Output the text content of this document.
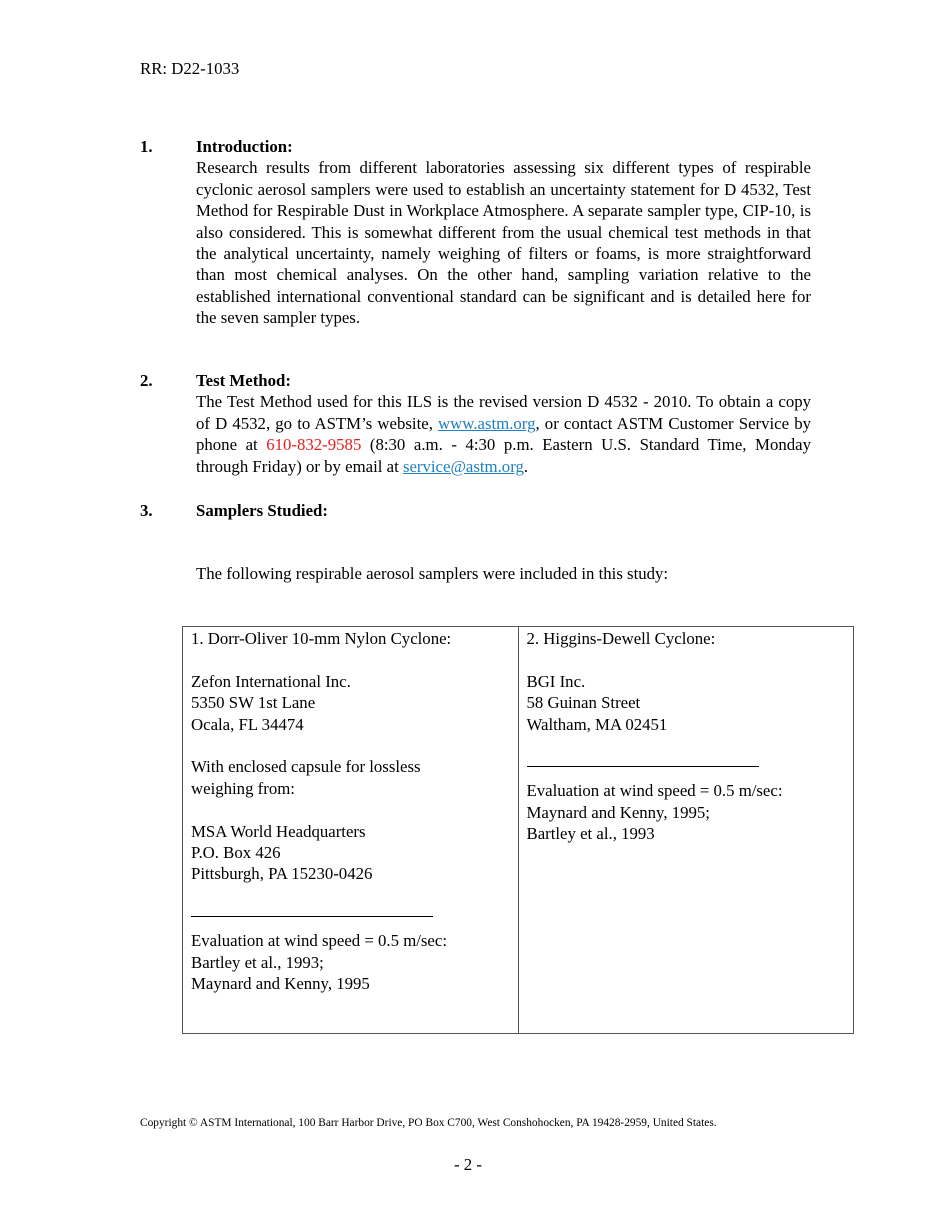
RR: D22-1033
1.	Introduction:
Research results from different laboratories assessing six different types of respirable cyclonic aerosol samplers were used to establish an uncertainty statement for D 4532, Test Method for Respirable Dust in Workplace Atmosphere. A separate sampler type, CIP-10, is also considered. This is somewhat different from the usual chemical test methods in that the analytical uncertainty, namely weighing of filters or foams, is more straightforward than most chemical analyses. On the other hand, sampling variation relative to the established international conventional standard can be significant and is detailed here for the seven sampler types.
2.	Test Method:
The Test Method used for this ILS is the revised version D 4532 - 2010. To obtain a copy of D 4532, go to ASTM’s website, www.astm.org, or contact ASTM Customer Service by phone at 610-832-9585 (8:30 a.m. - 4:30 p.m. Eastern U.S. Standard Time, Monday through Friday) or by email at service@astm.org.
3.	Samplers Studied:
The following respirable aerosol samplers were included in this study:

1. Dorr-Oliver 10-mm Nylon Cyclone:

Zefon International Inc.

5350 SW 1st Lane

Ocala, FL 34474

With enclosed capsule for lossless

weighing from:

MSA World Headquarters

P.O. Box 426

Pittsburgh, PA 15230-0426

Evaluation at wind speed = 0.5 m/sec:

Bartley et al., 1993;

Maynard and Kenny, 1995

2. Higgins-Dewell Cyclone:

BGI Inc.

58 Guinan Street

Waltham, MA 02451

Evaluation at wind speed = 0.5 m/sec:

Maynard and Kenny, 1995;

Bartley et al., 1993

Copyright © ASTM International, 100 Barr Harbor Drive, PO Box C700, West Conshohocken, PA 19428-2959, United States.
- 2 -
